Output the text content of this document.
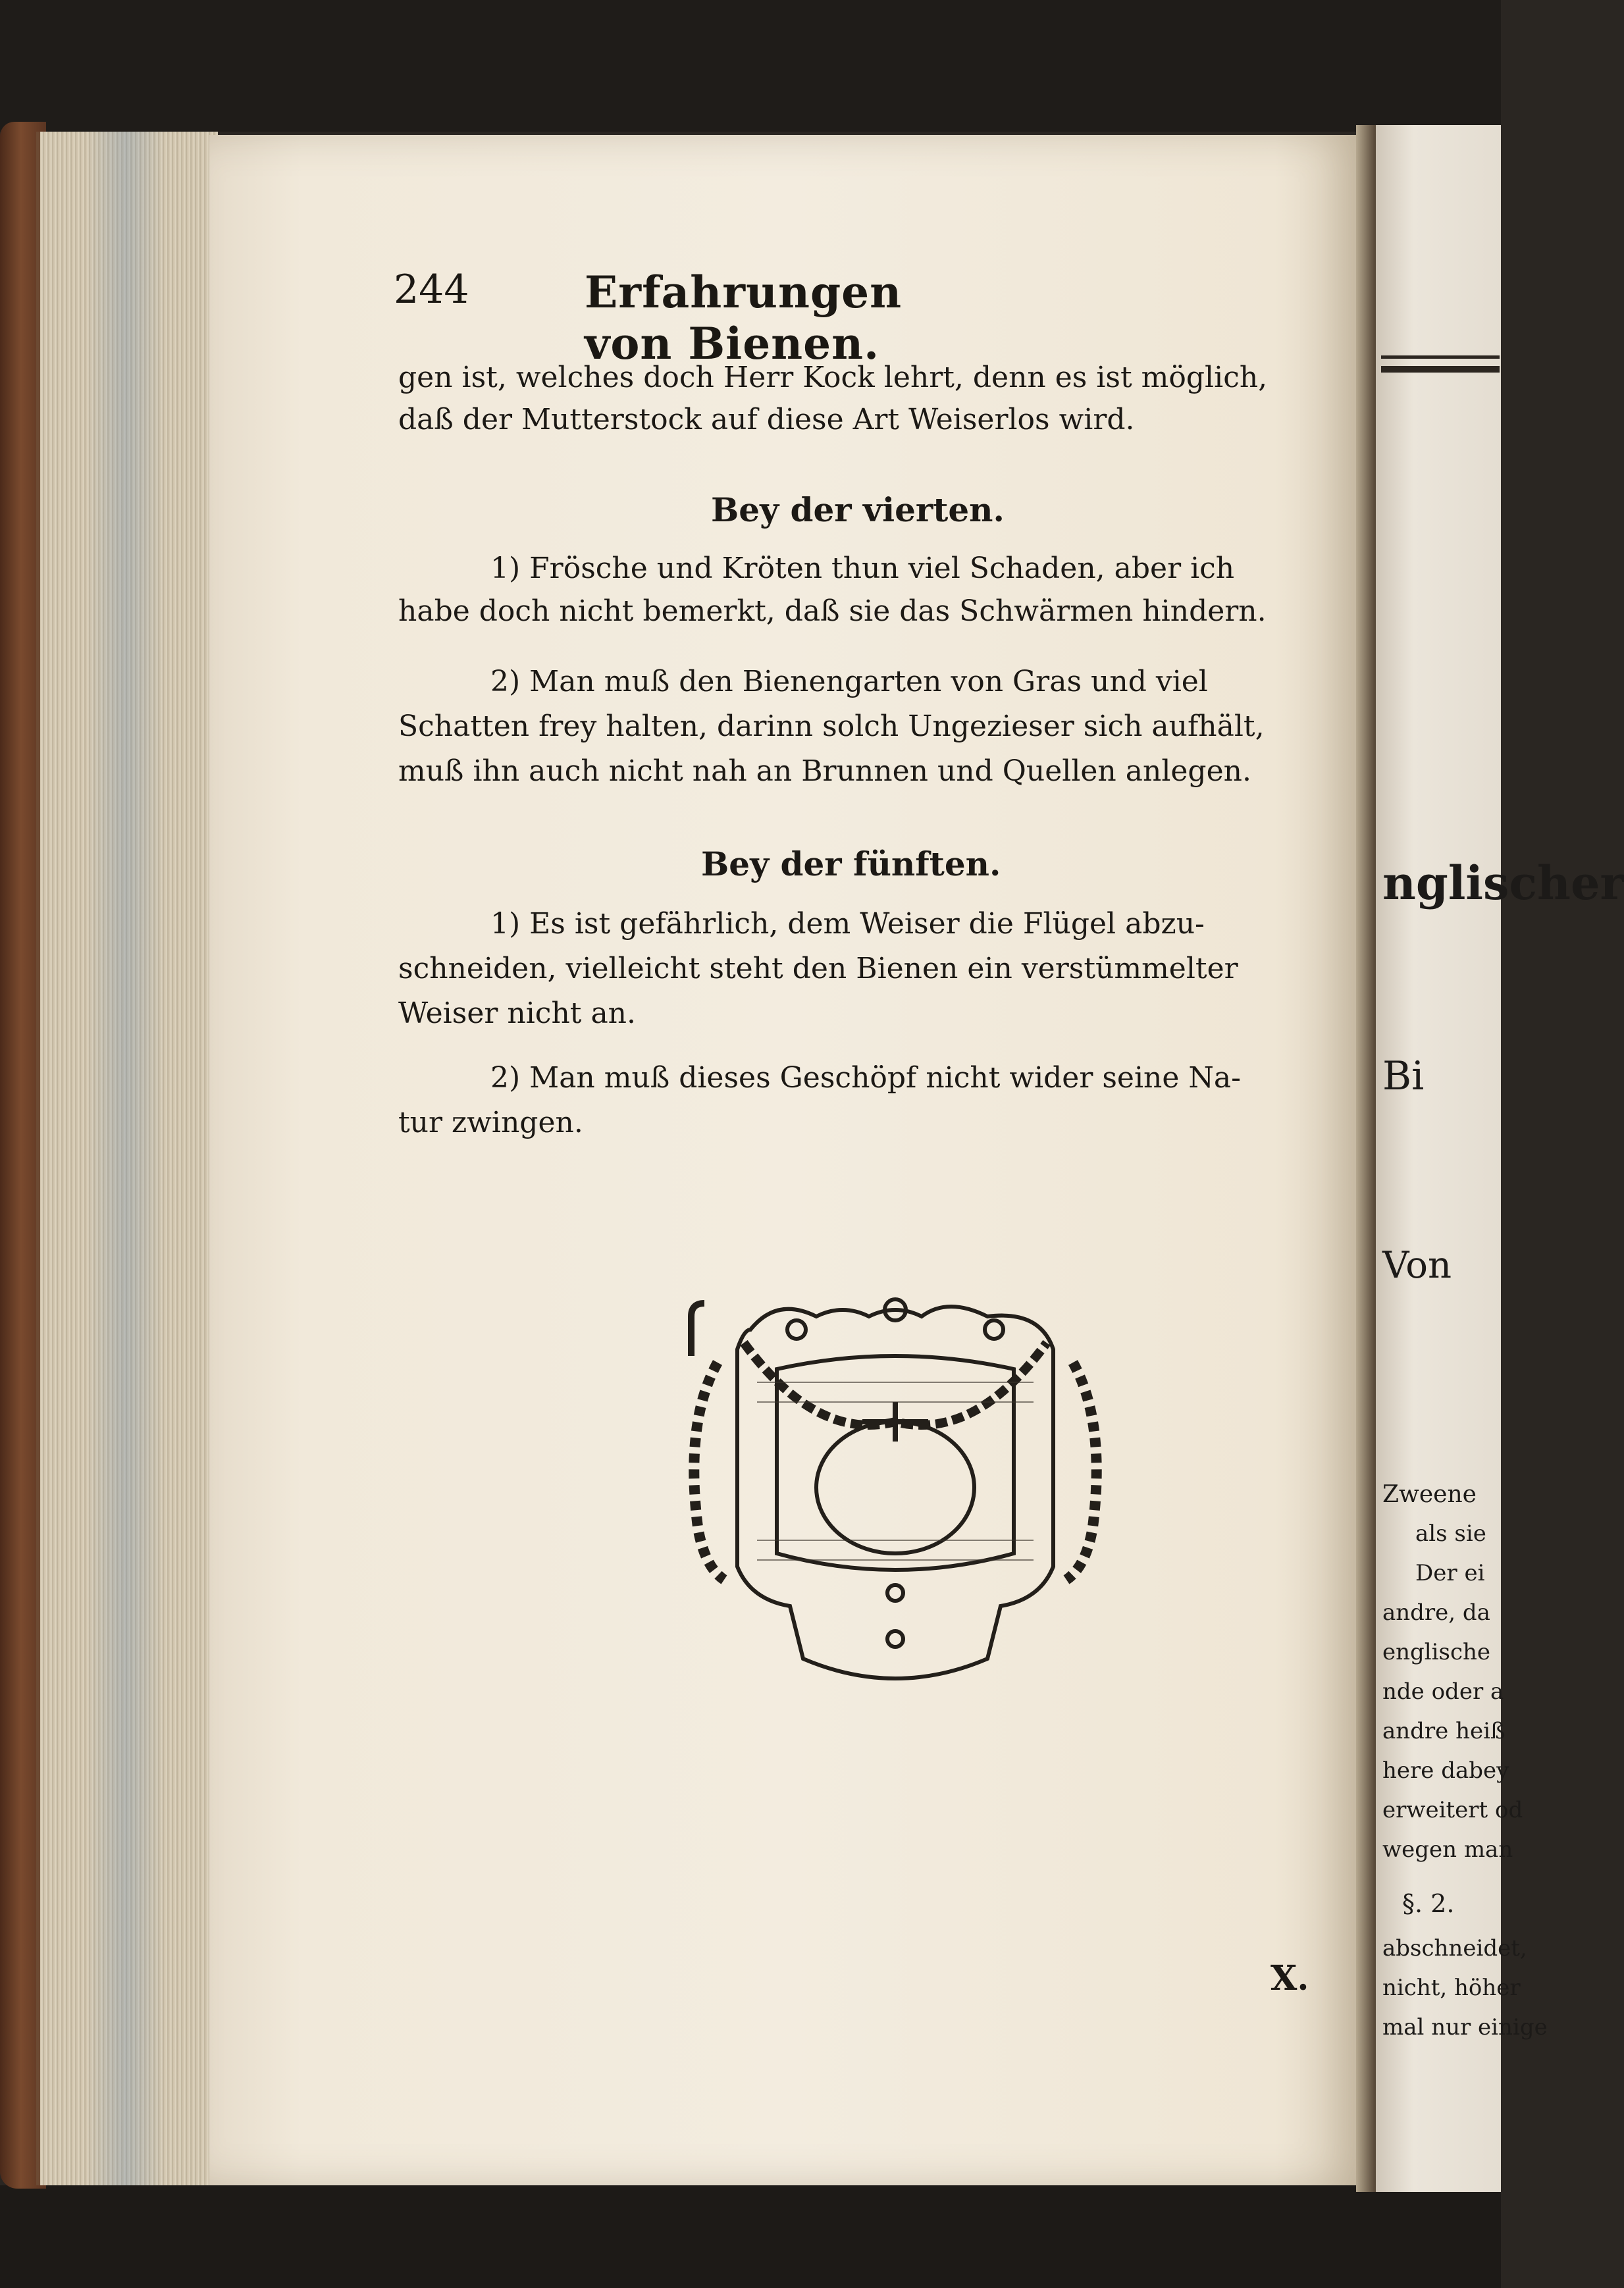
244	Erfahrungen von Bienen.
gen ist, welches doch Herr Kock lehrt, denn es ist möglich,
daß der Mutterstock auf diese Art Weiserlos wird.
Bey der vierten.
1) Frösche und Kröten thun viel Schaden, aber ich
habe doch nicht bemerkt, daß sie das Schwärmen hindern.
2) Man muß den Bienengarten von Gras und viel
Schatten frey halten, darinn solch Ungezieser sich aufhält,
muß ihn auch nicht nah an Brunnen und Quellen anlegen.
Bey der fünften.
1) Es ist gefährlich, dem Weiser die Flügel abzu-
schneiden, vielleicht steht den Bienen ein verstümmelter
Weiser nicht an.
2) Man muß dieses Geschöpf nicht wider seine Na-
tur zwingen.
X.
nglischer
Bi
Von
Zweene
als sie
Der ei
andre, da
englische
nde oder a
andre heiß
here dabey
erweitert od
wegen man
§. 2.
abschneidet,
nicht, höher
mal nur einige
